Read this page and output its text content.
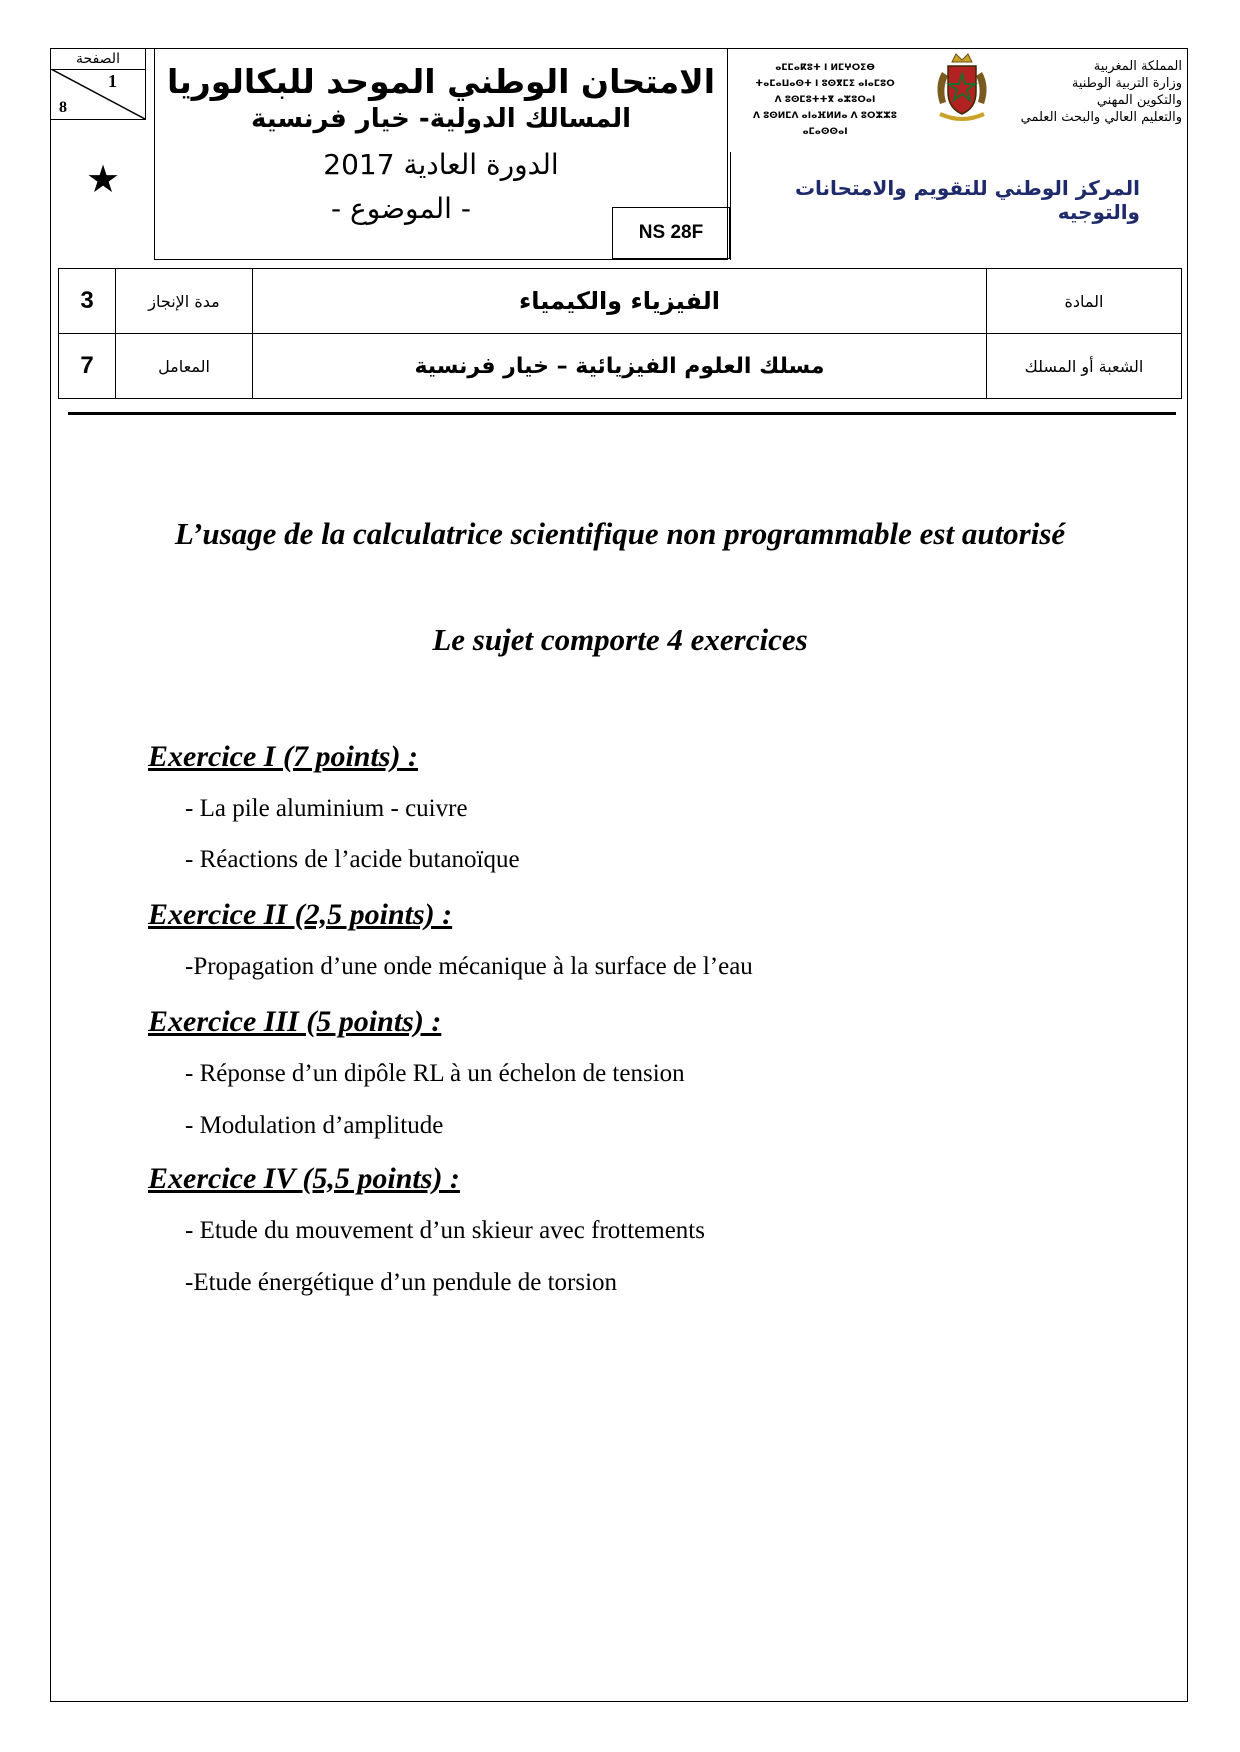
الصفحة
1
8
★
الامتحان الوطني الموحد للبكالوريا
المسالك الدولية- خيار فرنسية
الدورة العادية 2017
- الموضوع -
NS 28F
ⴰⵎⵎⴰⴽⵓⵜ ⵏ ⵍⵎⵖⵔⵉⴱ
ⵜⴰⵎⴰⵡⴰⵙⵜ ⵏ ⵓⵙⴳⵎⵉ ⴰⵏⴰⵎⵓⵔ
ⴷ ⵓⵙⵎⵓⵜⵜⴳ ⴰⵣⵓⵔⴰⵏ
ⴷ ⵓⵙⵍⵎⴷ ⴰⵏⴰⴼⵍⵍⴰ ⴷ ⵓⵔⵣⵣⵓ ⴰⵎⴰⵙⵙⴰⵏ
المملكة المغربية
وزارة التربية الوطنية
والتكوين المهني
والتعليم العالي والبحث العلمي
المركز الوطني للتقويم والامتحانات والتوجيه
3	مدة الإنجاز	الفيزياء والكيمياء	المادة
7	المعامل	مسلك العلوم الفيزيائية – خيار فرنسية	الشعبة أو المسلك
L’usage de la calculatrice scientifique non programmable est autorisé
Le sujet comporte 4 exercices
Exercice I (7 points) :
- La pile aluminium - cuivre
- Réactions de l’acide butanoïque
Exercice II (2,5 points) :
-Propagation d’une onde mécanique à la surface de l’eau
Exercice III (5 points) :
- Réponse d’un dipôle RL à un échelon de tension
- Modulation d’amplitude
Exercice IV (5,5 points) :
- Etude du mouvement d’un skieur avec frottements
-Etude énergétique d’un pendule de torsion
